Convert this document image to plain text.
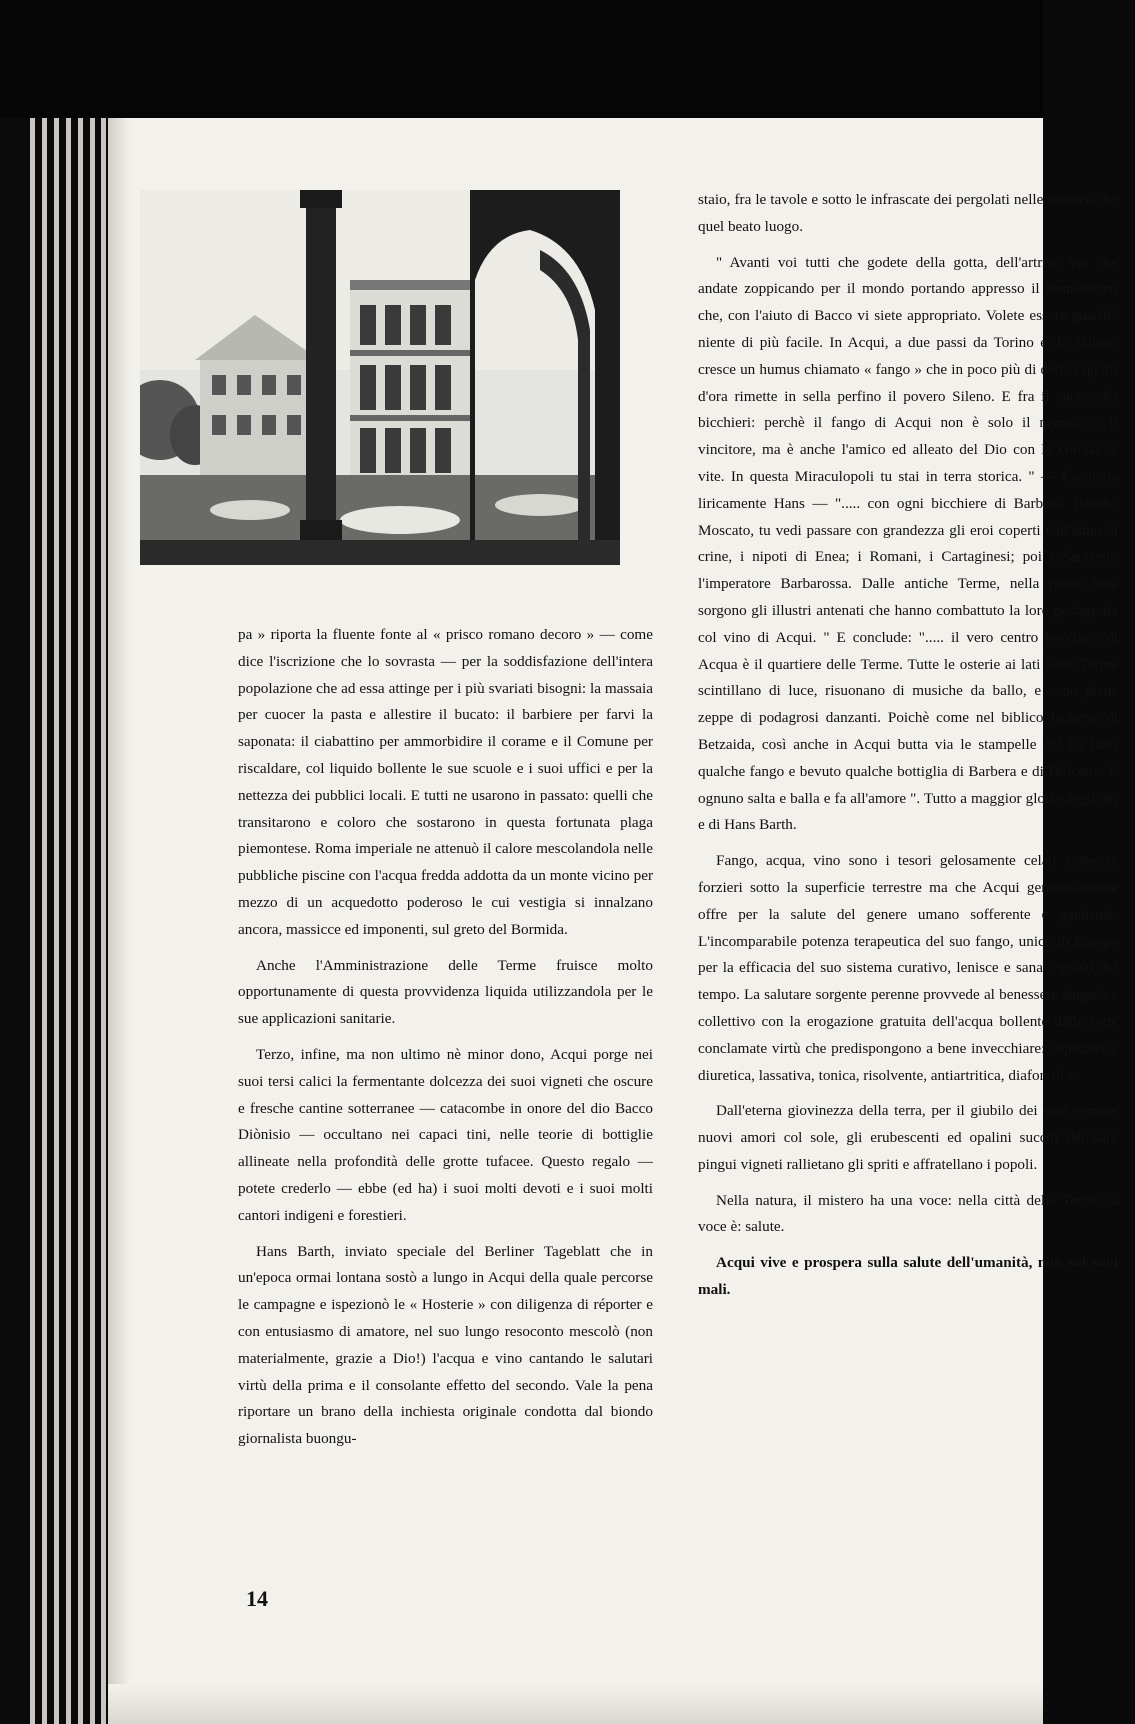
pa » riporta la fluente fonte al « prisco romano decoro » — come dice l'iscrizione che lo sovrasta — per la soddisfazione dell'intera popolazione che ad essa attinge per i più svariati bisogni: la massaia per cuocer la pasta e allestire il bucato: il barbiere per farvi la saponata: il ciabattino per ammorbidire il corame e il Comune per riscaldare, col liquido bollente le sue scuole e i suoi uffici e per la nettezza dei pubblici locali. E tutti ne usarono in passato: quelli che transitarono e coloro che sostarono in questa fortunata plaga piemontese. Roma imperiale ne attenuò il calore mescolandola nelle pubbliche piscine con l'acqua fredda addotta da un monte vicino per mezzo di un acquedotto poderoso le cui vestigia si innalzano ancora, massicce ed imponenti, sul greto del Bormida.

Anche l'Amministrazione delle Terme fruisce molto opportunamente di questa provvidenza liquida utilizzandola per le sue applicazioni sanitarie.

Terzo, infine, ma non ultimo nè minor dono, Acqui porge nei suoi tersi calici la fermentante dolcezza dei suoi vigneti che oscure e fresche cantine sotterranee — catacombe in onore del dio Bacco Diònisio — occultano nei capaci tini, nelle teorie di bottiglie allineate nella profondità delle grotte tufacee. Questo regalo — potete crederlo — ebbe (ed ha) i suoi molti devoti e i suoi molti cantori indigeni e forestieri.

Hans Barth, inviato speciale del Berliner Tageblatt che in un'epoca ormai lontana sostò a lungo in Acqui della quale percorse le campagne e ispezionò le « Hosterie » con diligenza di réporter e con entusiasmo di amatore, nel suo lungo resoconto mescolò (non materialmente, grazie a Dio!) l'acqua e vino cantando le salutari virtù della prima e il consolante effetto del secondo. Vale la pena riportare un brano della inchiesta originale condotta dal biondo giornalista buongu-

staio, fra le tavole e sotto le infrascate dei pergolati nelle trattorie dei quel beato luogo.

" Avanti voi tutti che godete della gotta, dell'artrite, voi che andate zoppicando per il mondo portando appresso il reumatismo che, con l'aiuto di Bacco vi siete appropriato. Volete essere guariti? niente di più facile. In Acqui, a due passi da Torino e da Milano cresce un humus chiamato « fango » che in poco più di dodici quarti d'ora rimette in sella perfino il povero Sileno. E fra il suono dei bicchieri: perchè il fango di Acqui non è solo il nemico o il vincitore, ma è anche l'amico ed alleato del Dio con la corona di vite. In questa Miraculopoli tu stai in terra storica. " — Continua liricamente Hans — "..... con ogni bicchiere di Barbera, Barolo, Moscato, tu vedi passare con grandezza gli eroi coperti dall'elmo di crine, i nipoti di Enea; i Romani, i Cartaginesi; poi i Saraceni, l'imperatore Barbarossa. Dalle antiche Terme, nella piena luna sorgono gli illustri antenati che hanno combattuto la loro podagretta col vino di Acqui. " E conclude: "..... il vero centro bacchico di Acqua è il quartiere delle Terme. Tutte le osterie ai lati delle Terme scintillano di luce, risuonano di musiche da ballo, e sono piene zeppe di podagrosi danzanti. Poichè come nel biblico laghetto di Betzaida, così anche in Acqui butta via le stampelle chi ha fatto qualche fango e bevuto qualche bottiglia di Barbera e di Dolcetto. E ognuno salta e balla e fa all'amore ". Tutto a maggior gloria degli dei e di Hans Barth.

Fango, acqua, vino sono i tesori gelosamente celati come in forzieri sotto la superficie terrestre ma che Acqui generosamente offre per la salute del genere umano sofferente e gaudente. L'incomparabile potenza terapeutica del suo fango, unico in Europa per la efficacia del suo sistema curativo, lenisce e sana i guasti del tempo. La salutare sorgente perenne provvede al benessere singolo e collettivo con la erogazione gratuita dell'acqua bollente dalle sette conclamate virtù che predispongono a bene invecchiare: depurativa, diuretica, lassativa, tonica, risolvente, antiartritica, diaforetica.

Dall'eterna giovinezza della terra, per il giubilo dei suoi sempre nuovi amori col sole, gli erubescenti ed opalini succhi dei suoi pingui vigneti rallietano gli spriti e affratellano i popoli.

Nella natura, il mistero ha una voce: nella città delle Terme la voce è: salute.

Acqui vive e prospera sulla salute dell'umanità, non sui suoi mali.

14
